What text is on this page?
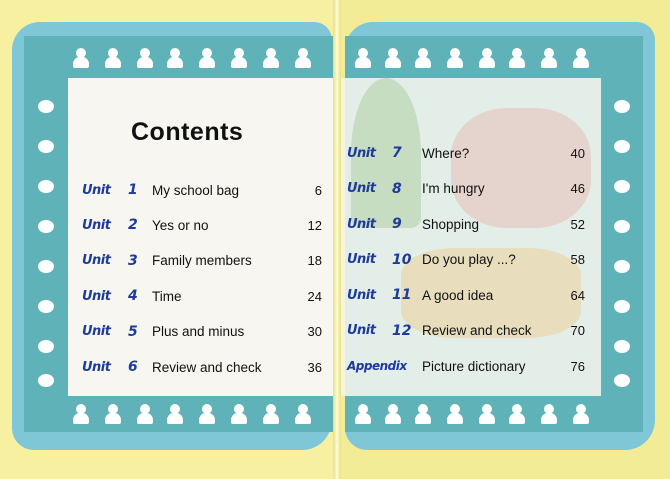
Contents
Unit	1 My school bag	6
Unit	2 Yes or no	12
Unit	3 Family members	18
Unit	4 Time	24
Unit	5 Plus and minus	30
Unit	6 Review and check	36
Unit	7 Where?	40
Unit	8 I'm hungry	46
Unit	9 Shopping	52
Unit	10 Do you play ...?	58
Unit	11 A good idea	64
Unit	12 Review and check	70
Appendix Picture dictionary	76
